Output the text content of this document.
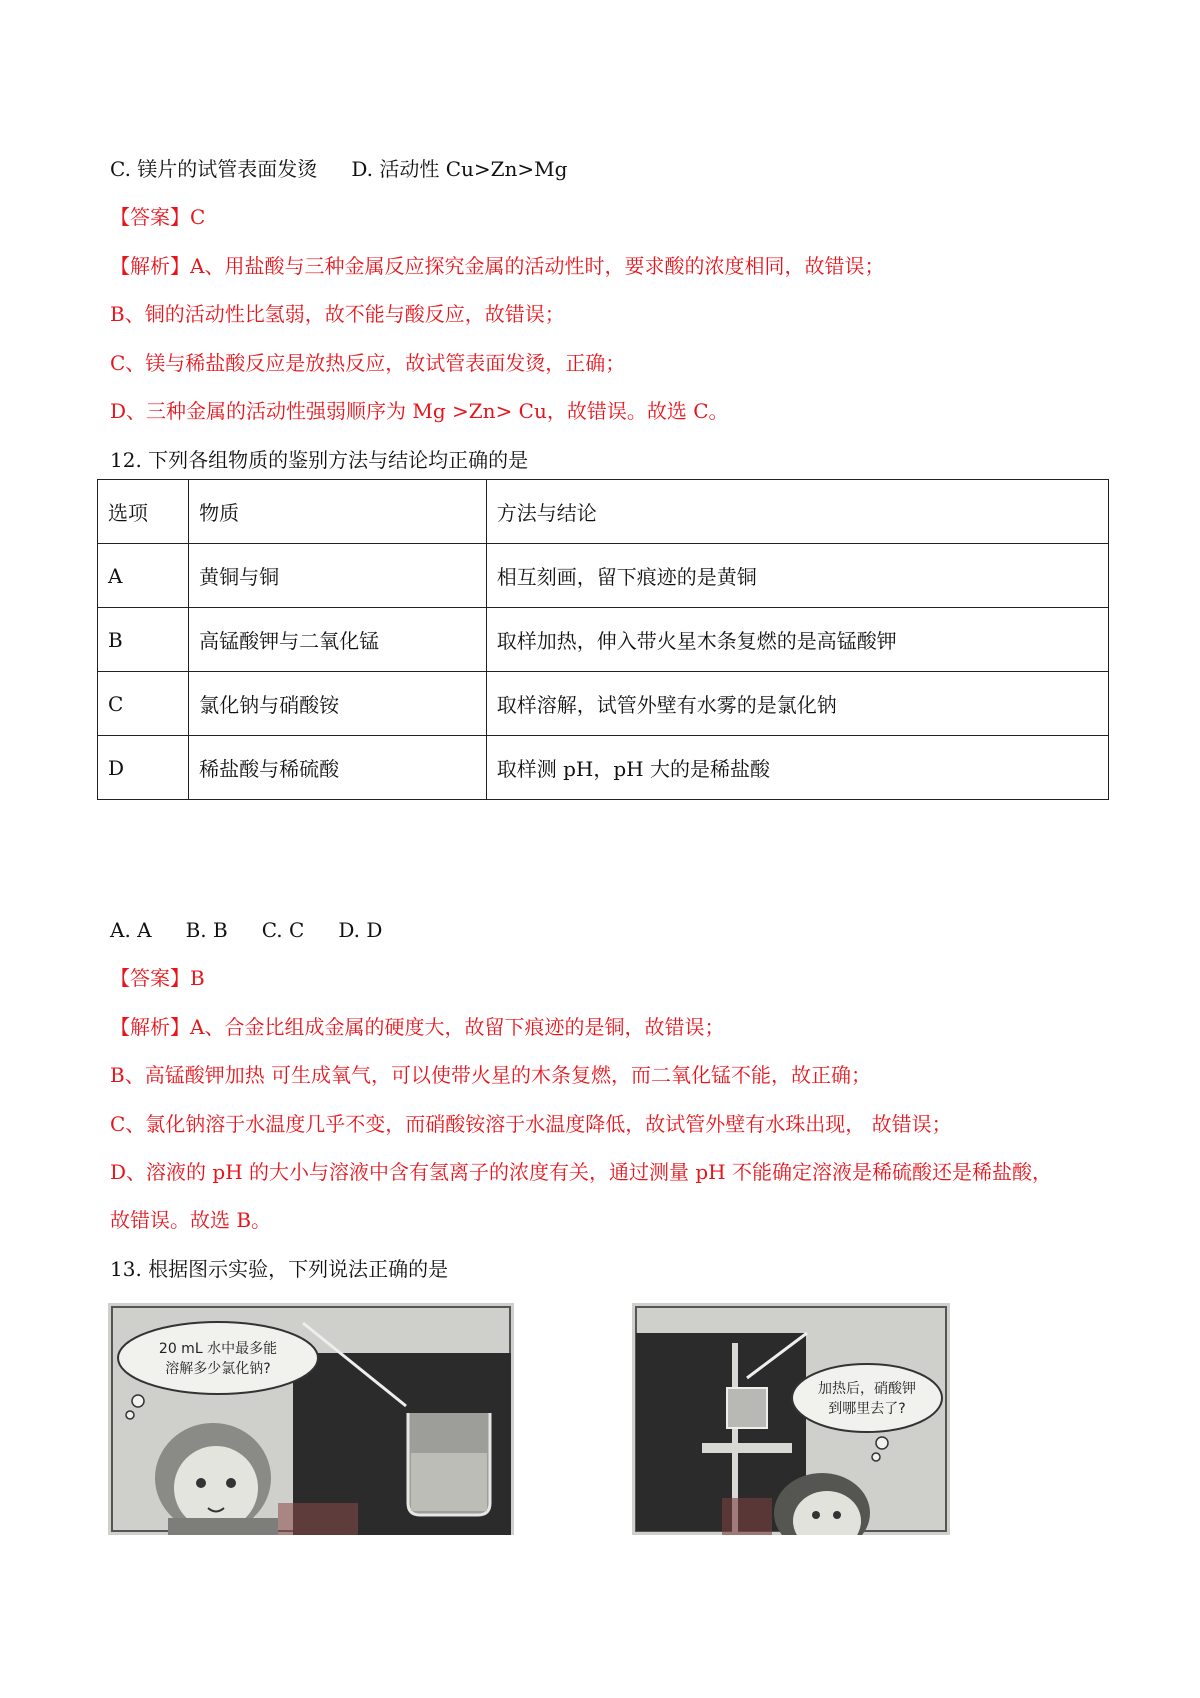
C. 镁片的试管表面发烫 D. 活动性 Cu>Zn>Mg
【答案】C
【解析】A、用盐酸与三种金属反应探究金属的活动性时，要求酸的浓度相同，故错误；
B、铜的活动性比氢弱，故不能与酸反应，故错误；
C、镁与稀盐酸反应是放热反应，故试管表面发烫，正确；
D、三种金属的活动性强弱顺序为 Mg >Zn> Cu，故错误。故选 C。
12. 下列各组物质的鉴别方法与结论均正确的是
选项	物质	方法与结论
A	黄铜与铜	相互刻画，留下痕迹的是黄铜
B	高锰酸钾与二氧化锰	取样加热，伸入带火星木条复燃的是高锰酸钾
C	氯化钠与硝酸铵	取样溶解，试管外壁有水雾的是氯化钠
D	稀盐酸与稀硫酸	取样测 pH，pH 大的是稀盐酸
A. A B. B C. C D. D
【答案】B
【解析】A、合金比组成金属的硬度大，故留下痕迹的是铜，故错误；
B、高锰酸钾加热 可生成氧气，可以使带火星的木条复燃，而二氧化锰不能，故正确；
C、氯化钠溶于水温度几乎不变，而硝酸铵溶于水温度降低，故试管外壁有水珠出现， 故错误；
D、溶液的 pH 的大小与溶液中含有氢离子的浓度有关，通过测量 pH 不能确定溶液是稀硫酸还是稀盐酸，
故错误。故选 B。
13. 根据图示实验，下列说法正确的是
20 mL 水中最多能
溶解多少氯化钠?
加热后，硝酸钾
到哪里去了?
